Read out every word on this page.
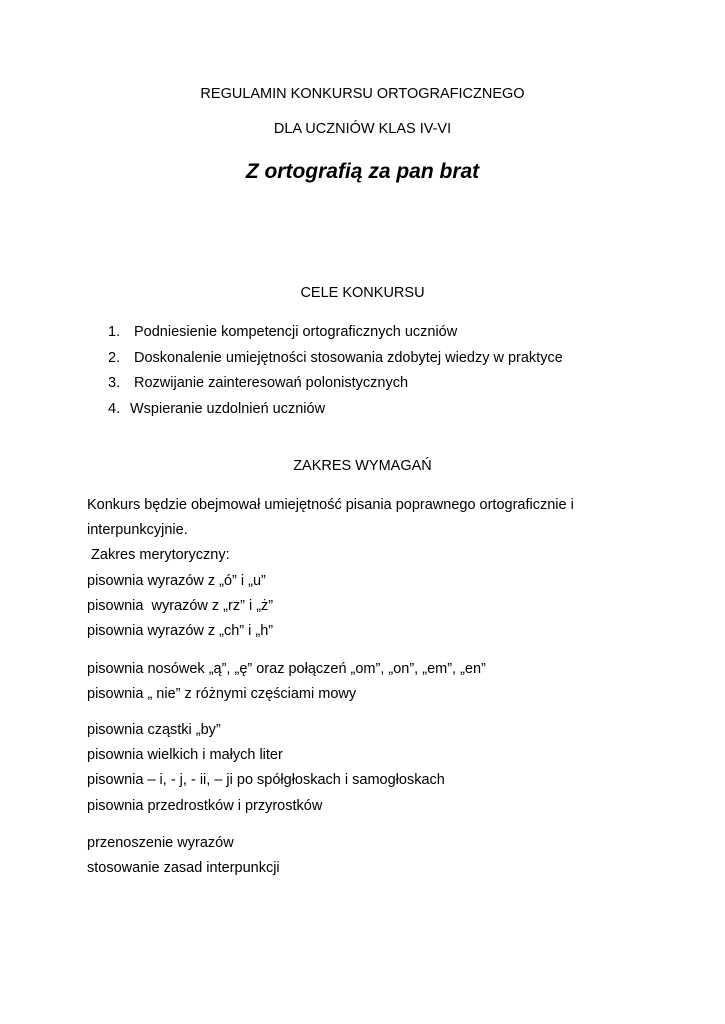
REGULAMIN KONKURSU ORTOGRAFICZNEGO
DLA UCZNIÓW KLAS IV-VI
Z ortografią za pan brat
CELE KONKURSU
1. Podniesienie kompetencji ortograficznych uczniów
2. Doskonalenie umiejętności stosowania zdobytej wiedzy w praktyce
3. Rozwijanie zainteresowań polonistycznych
4. Wspieranie uzdolnień uczniów
ZAKRES WYMAGAŃ
Konkurs będzie obejmował umiejętność pisania poprawnego ortograficznie i
interpunkcyjnie.
Zakres merytoryczny:
pisownia wyrazów z „ó” i „u”
pisownia  wyrazów z „rz” i „ż”
pisownia wyrazów z „ch” i „h”
pisownia nosówek „ą”, „ę” oraz połączeń „om”, „on”, „em”, „en”
pisownia „ nie” z różnymi częściami mowy
pisownia cząstki „by”
pisownia wielkich i małych liter
pisownia – i, - j, - ii, – ji po spółgłoskach i samogłoskach
pisownia przedrostków i przyrostków
przenoszenie wyrazów
stosowanie zasad interpunkcji
